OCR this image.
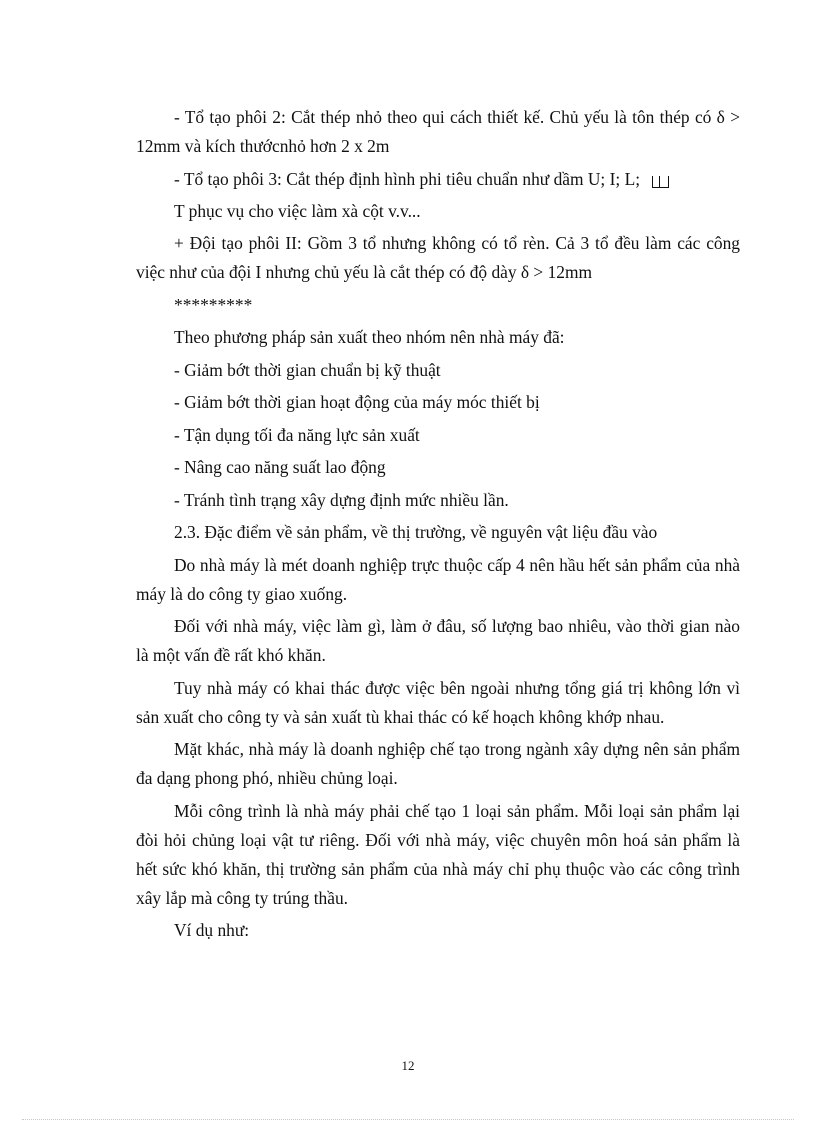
- Tổ tạo phôi 2: Cắt thép nhỏ theo qui cách thiết kế. Chủ yếu là tôn thép có δ > 12mm và kích thướcnhỏ hơn 2 x 2m

- Tổ tạo phôi 3: Cắt thép định hình phi tiêu chuẩn như dầm U; I; L;

T phục vụ cho việc làm xà cột v.v...

+ Đội tạo phôi II: Gồm 3 tổ nhưng không có tổ rèn. Cả 3 tổ đều làm các công việc như của đội I nhưng chủ yếu là cắt thép có độ dày δ > 12mm

*********

Theo phương pháp sản xuất theo nhóm nên nhà máy đã:

- Giảm bớt thời gian chuẩn bị kỹ thuật

- Giảm bớt thời gian hoạt động của máy móc thiết bị

- Tận dụng tối đa năng lực sản xuất

- Nâng cao năng suất lao động

- Tránh tình trạng xây dựng định mức nhiều lần.

2.3. Đặc điểm về sản phẩm, về thị trường, về nguyên vật liệu đầu vào

Do nhà máy là mét doanh nghiệp trực thuộc cấp 4 nên hầu hết sản phẩm của nhà máy là do công ty giao xuống.

Đối với nhà máy, việc làm gì, làm ở đâu, số lượng bao nhiêu, vào thời gian nào là một vấn đề rất khó khăn.

Tuy nhà máy có khai thác được việc bên ngoài nhưng tổng giá trị không lớn vì sản xuất cho công ty và sản xuất tù khai thác có kế hoạch không khớp nhau.

Mặt khác, nhà máy là doanh nghiệp chế tạo trong ngành xây dựng nên sản phẩm đa dạng phong phó, nhiều chủng loại.

Mỗi công trình là nhà máy phải chế tạo 1 loại sản phẩm. Mỗi loại sản phẩm lại đòi hỏi chủng loại vật tư riêng. Đối với nhà máy, việc chuyên môn hoá sản phẩm là hết sức khó khăn, thị trường sản phẩm của nhà máy chỉ phụ thuộc vào các công trình xây lắp mà công ty trúng thầu.

Ví dụ như:

12
